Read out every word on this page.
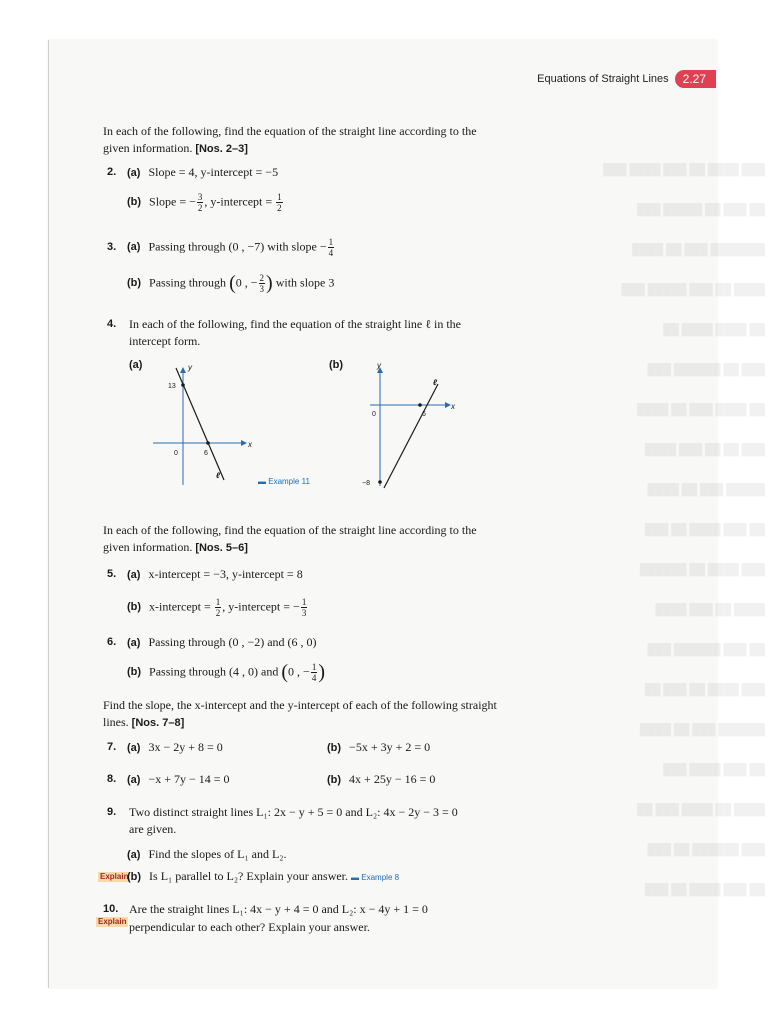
███ ████ ██ ███ ████ ███
██ ███ ██ █████ ███
███████ ███ ██ ████
████ ██ ███ █████ ███
██ ████ ████ ██
███ ██ ██████ ███
██ ████ ███ ██ ████
███ ██ ██ ███ ████
█████ ███ ██ ████
██ ███ ████ ██ ███
███ ████ ██ ██████
████ ██ ███ ████
██ ███ ██████ ███
███ ████ ██ ███ ██
██████ ███ ██ ████
██ ███ ████ ███
████ ██ ████ ███ ██
███ ██████ ██ ███
██ ███ ████ ██ ███
Equations of Straight Lines	2.27
In each of the following, find the equation of the straight line according to the given information. [Nos. 2–3]
2. (a) Slope = 4, y-intercept = −5
(b) Slope = − $\frac{3}{2}$ , y-intercept = $\frac{1}{2}$
3. (a) Passing through (0 , −7) with slope − $\frac{1}{4}$
(b) Passing through (0 , − $\frac{2}{3}$ ) with slope 3
4. In each of the following, find the equation of the straight line ℓ in the intercept form.
(a)	(b)
y
x
0
13
6
ℓ
▬ Example 11
y
x
0	6
−8
ℓ
In each of the following, find the equation of the straight line according to the given information. [Nos. 5–6]
5. (a) x-intercept = −3, y-intercept = 8
(b) x-intercept = $\frac{1}{2}$ , y-intercept = − $\frac{1}{3}$
6. (a) Passing through (0 , −2) and (6 , 0)
(b) Passing through (4 , 0) and (0 , − $\frac{1}{4}$ )
Find the slope, the x-intercept and the y-intercept of each of the following straight lines. [Nos. 7–8]
7. (a) 3x − 2y + 8 = 0	(b) −5x + 3y + 2 = 0
8. (a) −x + 7y − 14 = 0	(b) 4x + 25y − 16 = 0
9. Two distinct straight lines L₁: 2x − y + 5 = 0 and L₂: 4x − 2y − 3 = 0
are given.
(a) Find the slopes of L₁ and L₂.
Explain
(b) Is L₁ parallel to L₂? Explain your answer. ▬ Example 8
10.
Explain
Are the straight lines L₁: 4x − y + 4 = 0 and L₂: x − 4y + 1 = 0
perpendicular to each other? Explain your answer.
